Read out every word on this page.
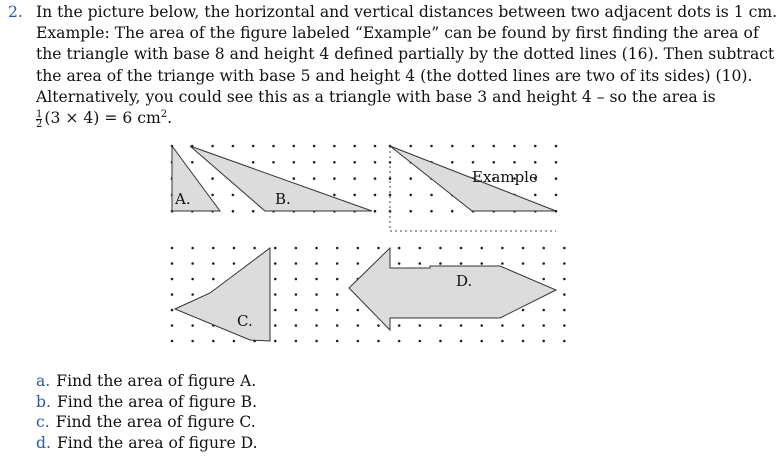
2. In the picture below, the horizontal and vertical distances between two adjacent dots is 1 cm.
Example: The area of the figure labeled “Example” can be found by first finding the area of
the triangle with base 8 and height 4 defined partially by the dotted lines (16). Then subtract
the area of the triange with base 5 and height 4 (the dotted lines are two of its sides) (10).
Alternatively, you could see this as a triangle with base 3 and height 4 – so the area is
$\frac{1}{2} (3 \times 4) = 6$ $cm^2$.
A.	B.
C.
D.
Example
a. Find the area of figure A.
b. Find the area of figure B.
c. Find the area of figure C.
d. Find the area of figure D.
